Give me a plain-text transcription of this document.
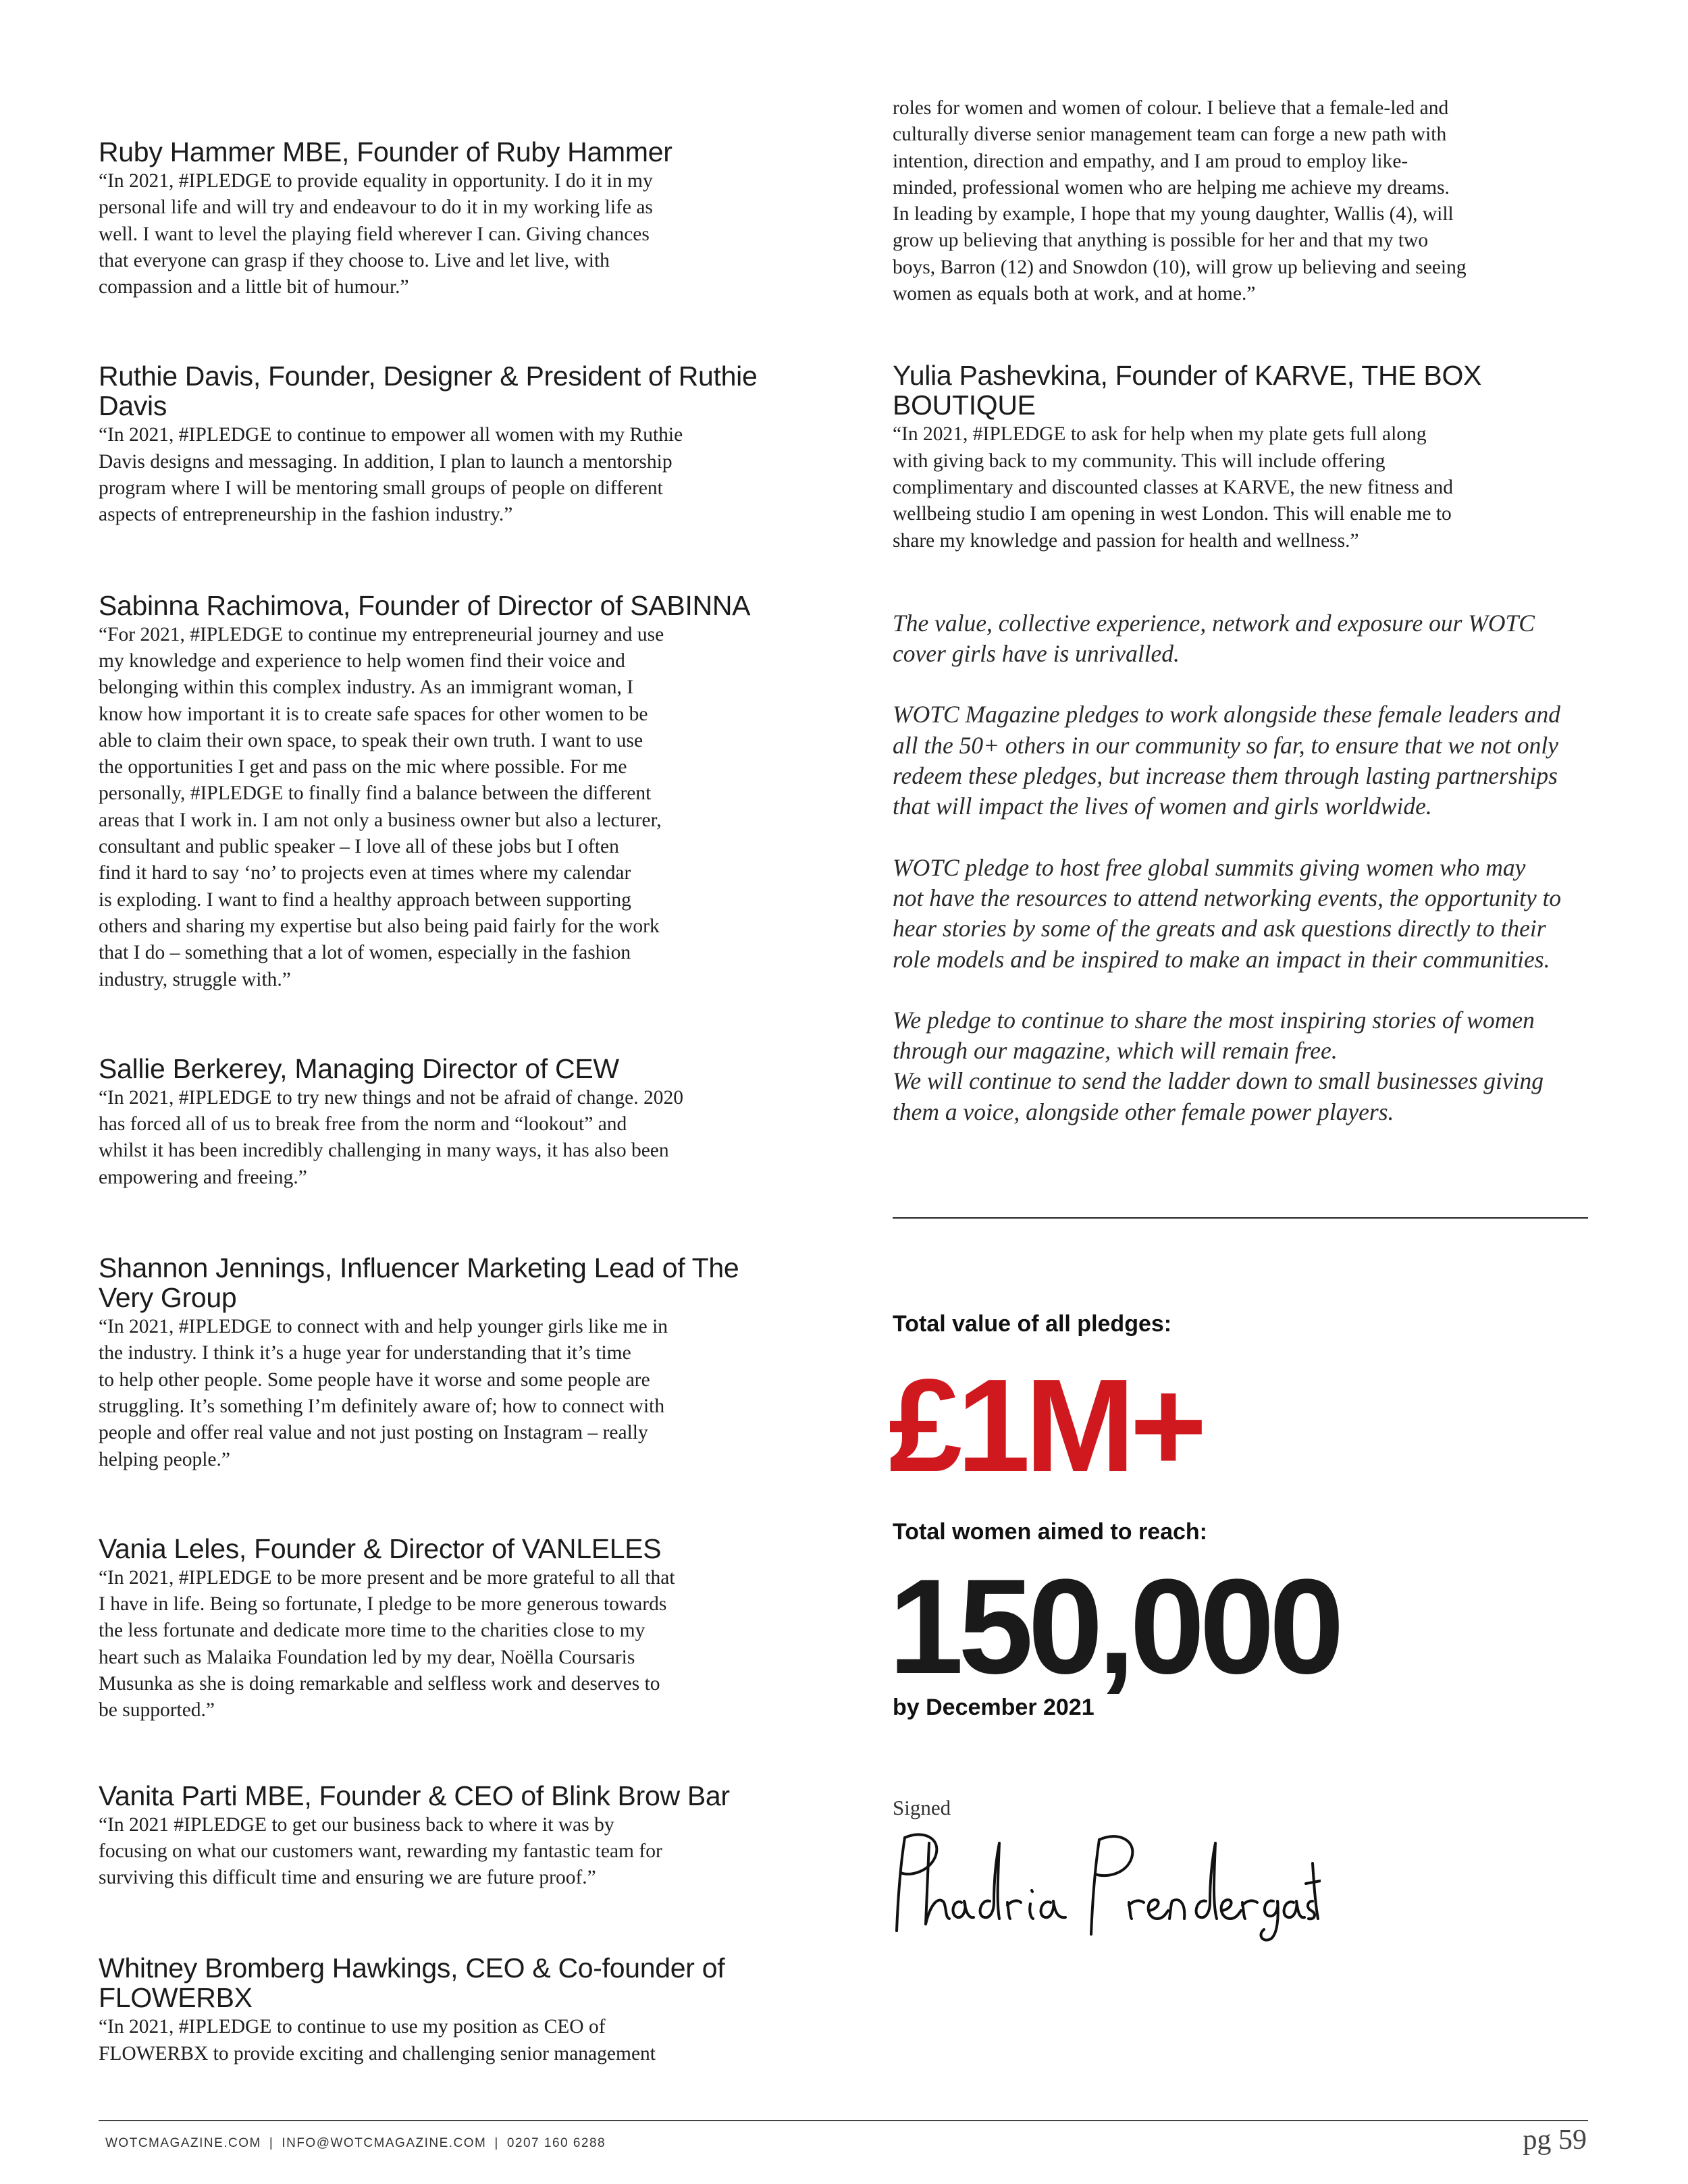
Ruby Hammer MBE, Founder of Ruby Hammer

“In 2021, #IPLEDGE to provide equality in opportunity. I do it in my
personal life and will try and endeavour to do it in my working life as
well. I want to level the playing field wherever I can. Giving chances
that everyone can grasp if they choose to. Live and let live, with
compassion and a little bit of humour.”

Ruthie Davis, Founder, Designer & President of Ruthie Davis

“In 2021, #IPLEDGE to continue to empower all women with my Ruthie
Davis designs and messaging. In addition, I plan to launch a mentorship
program where I will be mentoring small groups of people on different
aspects of entrepreneurship in the fashion industry.”

Sabinna Rachimova, Founder of Director of SABINNA

“For 2021, #IPLEDGE to continue my entrepreneurial journey and use
my knowledge and experience to help women find their voice and
belonging within this complex industry. As an immigrant woman, I
know how important it is to create safe spaces for other women to be
able to claim their own space, to speak their own truth. I want to use
the opportunities I get and pass on the mic where possible. For me
personally, #IPLEDGE to finally find a balance between the different
areas that I work in. I am not only a business owner but also a lecturer,
consultant and public speaker – I love all of these jobs but I often
find it hard to say ‘no’ to projects even at times where my calendar
is exploding. I want to find a healthy approach between supporting
others and sharing my expertise but also being paid fairly for the work
that I do – something that a lot of women, especially in the fashion
industry, struggle with.”

Sallie Berkerey, Managing Director of CEW

“In 2021, #IPLEDGE to try new things and not be afraid of change. 2020
has forced all of us to break free from the norm and “lookout” and
whilst it has been incredibly challenging in many ways, it has also been
empowering and freeing.”

Shannon Jennings, Influencer Marketing Lead of The Very Group

“In 2021, #IPLEDGE to connect with and help younger girls like me in
the industry. I think it’s a huge year for understanding that it’s time
to help other people. Some people have it worse and some people are
struggling. It’s something I’m definitely aware of; how to connect with
people and offer real value and not just posting on Instagram – really
helping people.”

Vania Leles, Founder & Director of VANLELES

“In 2021, #IPLEDGE to be more present and be more grateful to all that
I have in life. Being so fortunate, I pledge to be more generous towards
the less fortunate and dedicate more time to the charities close to my
heart such as Malaika Foundation led by my dear, Noëlla Coursaris
Musunka as she is doing remarkable and selfless work and deserves to
be supported.”

Vanita Parti MBE, Founder & CEO of Blink Brow Bar

“In 2021 #IPLEDGE to get our business back to where it was by
focusing on what our customers want, rewarding my fantastic team for
surviving this difficult time and ensuring we are future proof.”

Whitney Bromberg Hawkings, CEO & Co-founder of FLOWERBX

“In 2021, #IPLEDGE to continue to use my position as CEO of
FLOWERBX to provide exciting and challenging senior management

roles for women and women of colour. I believe that a female-led and
culturally diverse senior management team can forge a new path with
intention, direction and empathy, and I am proud to employ like-
minded, professional women who are helping me achieve my dreams.
In leading by example, I hope that my young daughter, Wallis (4), will
grow up believing that anything is possible for her and that my two
boys, Barron (12) and Snowdon (10), will grow up believing and seeing
women as equals both at work, and at home.”

Yulia Pashevkina, Founder of KARVE, THE BOX BOUTIQUE

“In 2021, #IPLEDGE to ask for help when my plate gets full along
with giving back to my community. This will include offering
complimentary and discounted classes at KARVE, the new fitness and
wellbeing studio I am opening in west London. This will enable me to
share my knowledge and passion for health and wellness.”

The value, collective experience, network and exposure our WOTC
cover girls have is unrivalled.

WOTC Magazine pledges to work alongside these female leaders and
all the 50+ others in our community so far, to ensure that we not only
redeem these pledges, but increase them through lasting partnerships
that will impact the lives of women and girls worldwide.

WOTC pledge to host free global summits giving women who may
not have the resources to attend networking events, the opportunity to
hear stories by some of the greats and ask questions directly to their
role models and be inspired to make an impact in their communities.

We pledge to continue to share the most inspiring stories of women
through our magazine, which will remain free.
We will continue to send the ladder down to small businesses giving
them a voice, alongside other female power players.

Total value of all pledges:
£1M+
Total women aimed to reach:
150,000
by December 2021
Signed
WOTCMAGAZINE.COM | INFO@WOTCMAGAZINE.COM | 0207 160 6288	pg 59
